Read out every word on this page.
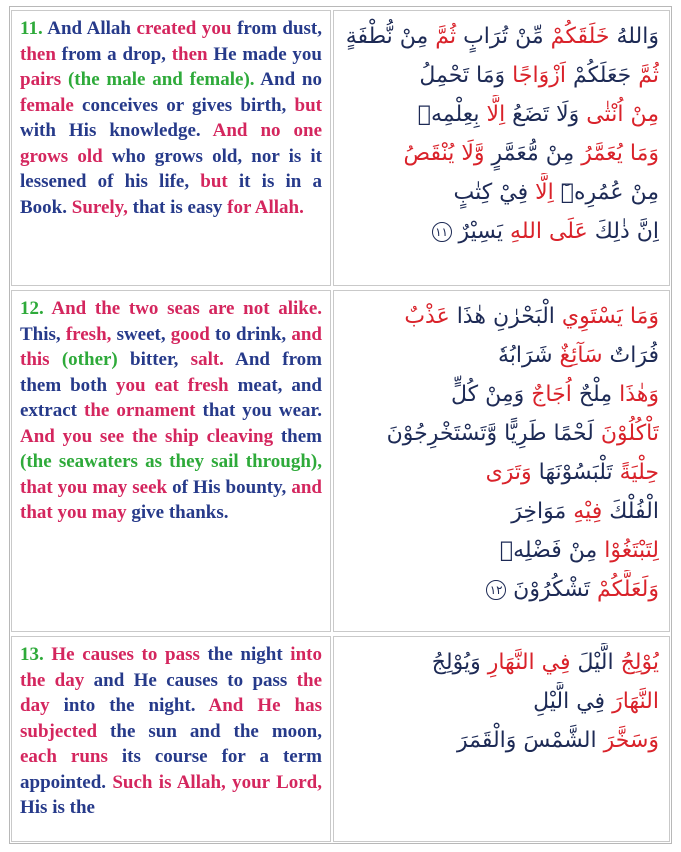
11. And Allah created you from dust, then from a drop, then He made you pairs (the male and female). And no female conceives or gives birth, but with His knowledge. And no one grows old who grows old, nor is it lessened of his life, but it is in a Book. Surely, that is easy for Allah.

وَاللهُ خَلَقَكُمْ مِّنْ تُرَابٍ ثُمَّ مِنْ نُّطْفَةٍ
ثُمَّ جَعَلَكُمْ اَزْوَاجًا وَمَا تَحْمِلُ
مِنْ اُنْثٰى وَلَا تَضَعُ اِلَّا بِعِلْمِهٖ
وَمَا يُعَمَّرُ مِنْ مُّعَمَّرٍ وَّلَا يُنْقَصُ
مِنْ عُمُرِهٖٓ اِلَّا فِيْ كِتٰبٍ
اِنَّ ذٰلِكَ عَلَى اللهِ يَسِيْرٌ ١١

12. And the two seas are not alike. This, fresh, sweet, good to drink, and this (other) bitter, salt. And from them both you eat fresh meat, and extract the ornament that you wear. And you see the ship cleaving them (the seawaters as they sail through), that you may seek of His bounty, and that you may give thanks.

وَمَا يَسْتَوِي الْبَحْرٰنِ هٰذَا عَذْبٌ
فُرَاتٌ سَآئِغٌ شَرَابُهٗ
وَهٰذَا مِلْحٌ اُجَاجٌ وَمِنْ كُلٍّ
تَاْكُلُوْنَ لَحْمًا طَرِيًّا وَّتَسْتَخْرِجُوْنَ
حِلْيَةً تَلْبَسُوْنَهَا وَتَرَى
الْفُلْكَ فِيْهِ مَوَاخِرَ
لِتَبْتَغُوْا مِنْ فَضْلِهٖ
وَلَعَلَّكُمْ تَشْكُرُوْنَ ١٢

13. He causes to pass the night into the day and He causes to pass the day into the night. And He has subjected the sun and the moon, each runs its course for a term appointed. Such is Allah, your Lord, His is the

يُوْلِجُ الَّيْلَ فِي النَّهَارِ وَيُوْلِجُ
النَّهَارَ فِي الَّيْلِ
وَسَخَّرَ الشَّمْسَ وَالْقَمَرَ
